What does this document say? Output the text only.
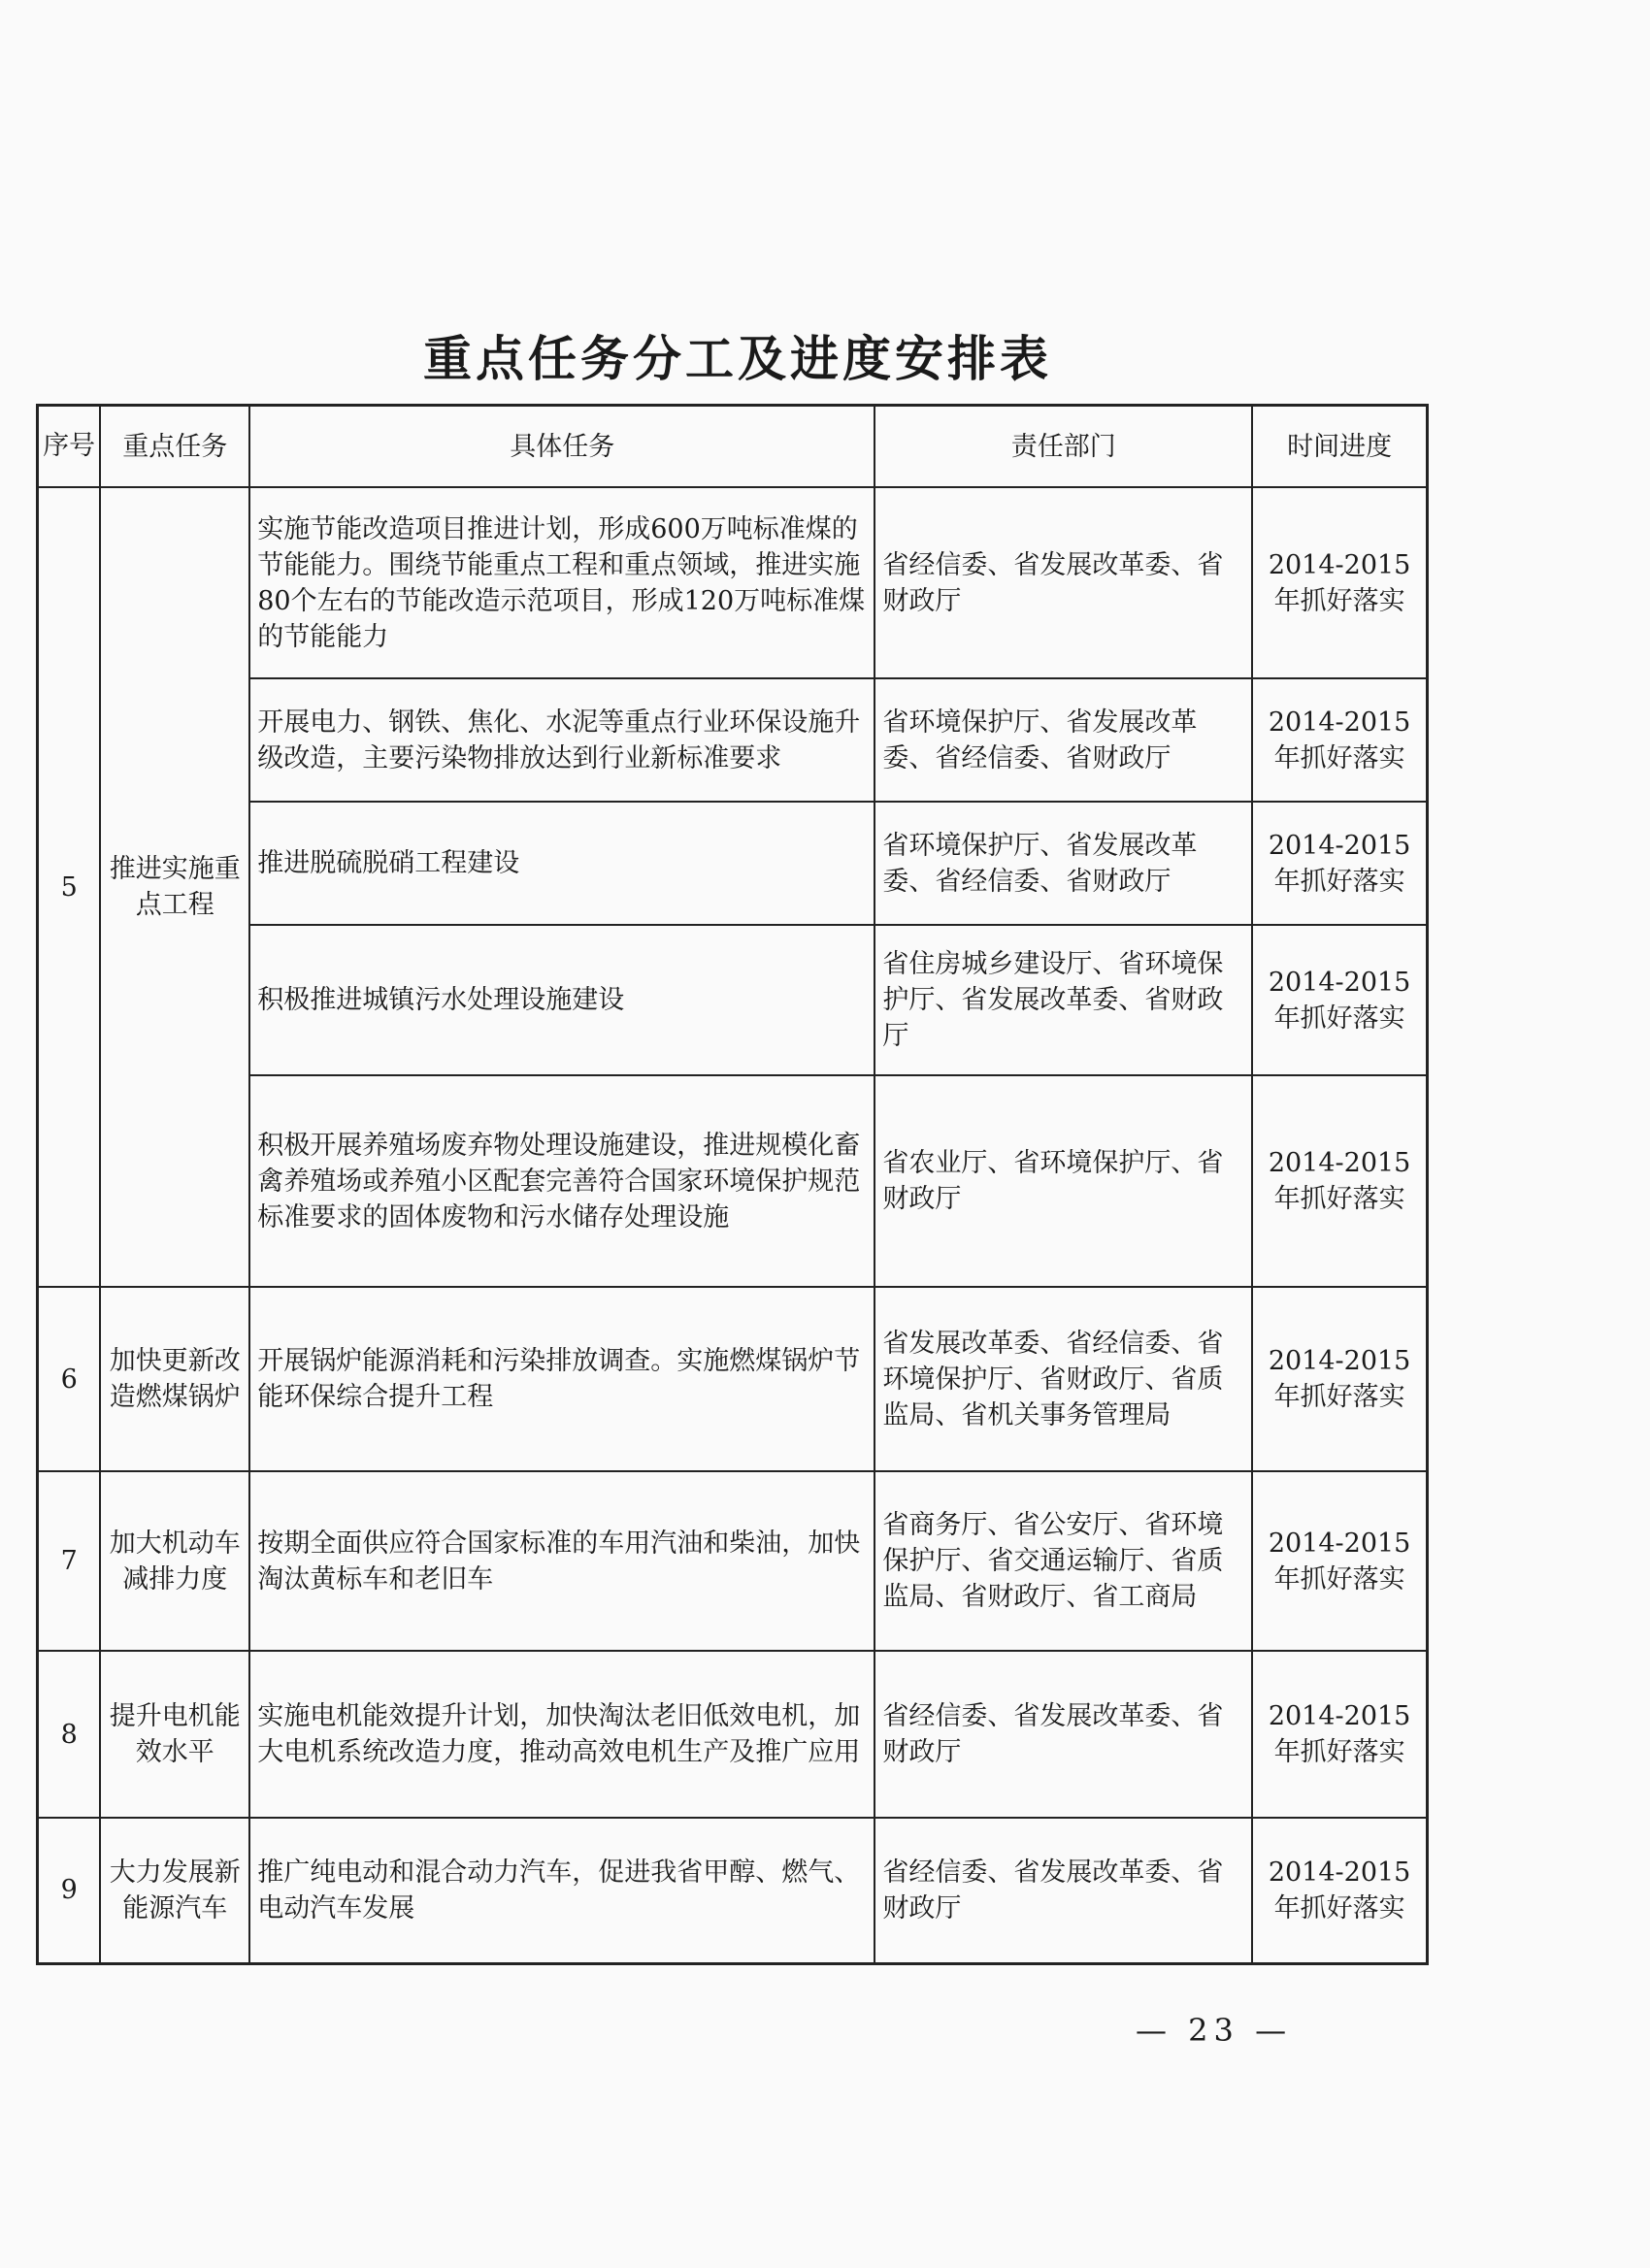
重点任务分工及进度安排表
序号	重点任务	具体任务	责任部门	时间进度
5	推进实施重点工程	实施节能改造项目推进计划，形成600万吨标准煤的节能能力。围绕节能重点工程和重点领域，推进实施80个左右的节能改造示范项目，形成120万吨标准煤的节能能力	省经信委、省发展改革委、省财政厅	2014-2015年抓好落实
		开展电力、钢铁、焦化、水泥等重点行业环保设施升级改造，主要污染物排放达到行业新标准要求	省环境保护厅、省发展改革委、省经信委、省财政厅	2014-2015年抓好落实
		推进脱硫脱硝工程建设	省环境保护厅、省发展改革委、省经信委、省财政厅	2014-2015年抓好落实
		积极推进城镇污水处理设施建设	省住房城乡建设厅、省环境保护厅、省发展改革委、省财政厅	2014-2015年抓好落实
		积极开展养殖场废弃物处理设施建设，推进规模化畜禽养殖场或养殖小区配套完善符合国家环境保护规范标准要求的固体废物和污水储存处理设施	省农业厅、省环境保护厅、省财政厅	2014-2015年抓好落实
6	加快更新改造燃煤锅炉	开展锅炉能源消耗和污染排放调查。实施燃煤锅炉节能环保综合提升工程	省发展改革委、省经信委、省环境保护厅、省财政厅、省质监局、省机关事务管理局	2014-2015年抓好落实
7	加大机动车减排力度	按期全面供应符合国家标准的车用汽油和柴油，加快淘汰黄标车和老旧车	省商务厅、省公安厅、省环境保护厅、省交通运输厅、省质监局、省财政厅、省工商局	2014-2015年抓好落实
8	提升电机能效水平	实施电机能效提升计划，加快淘汰老旧低效电机，加大电机系统改造力度，推动高效电机生产及推广应用	省经信委、省发展改革委、省财政厅	2014-2015年抓好落实
9	大力发展新能源汽车	推广纯电动和混合动力汽车，促进我省甲醇、燃气、电动汽车发展	省经信委、省发展改革委、省财政厅	2014-2015年抓好落实
— 23 —
